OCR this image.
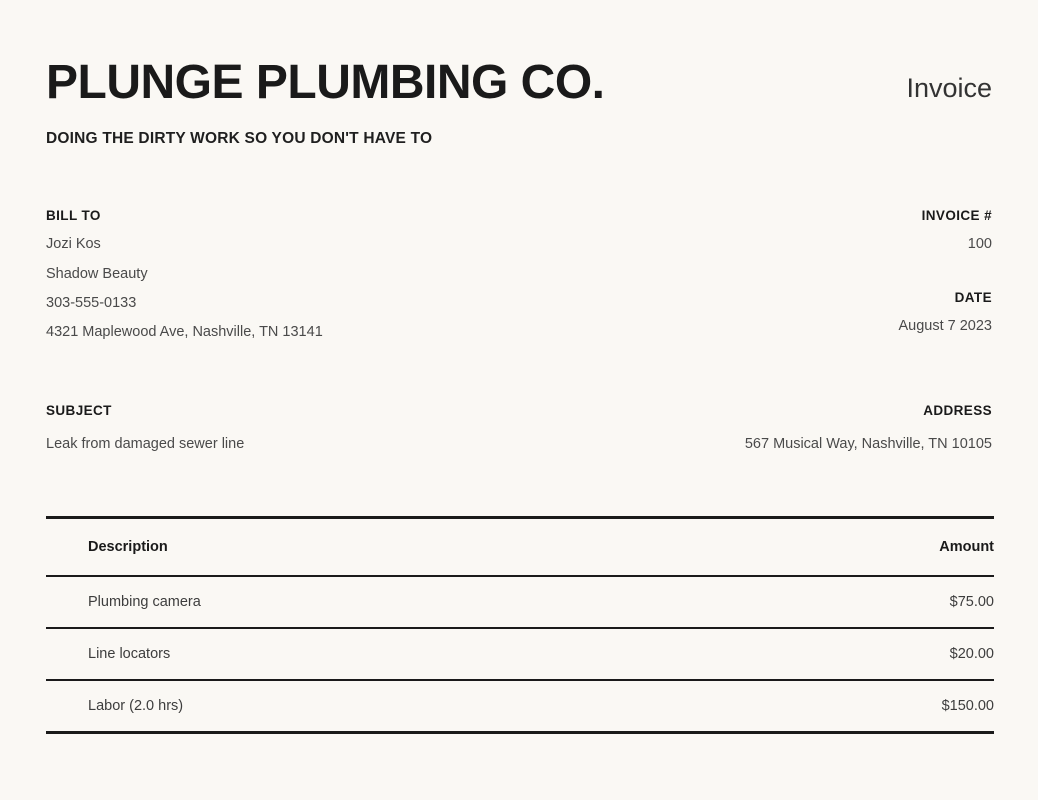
PLUNGE PLUMBING CO.	Invoice
DOING THE DIRTY WORK SO YOU DON'T HAVE TO
BILL TO
Jozi Kos
Shadow Beauty
303-555-0133
4321 Maplewood Ave, Nashville, TN 13141
INVOICE #
100
DATE
August 7 2023
SUBJECT
Leak from damaged sewer line
ADDRESS
567 Musical Way, Nashville, TN 10105
Description	Amount
Plumbing camera	$75.00
Line locators	$20.00
Labor (2.0 hrs)	$150.00
